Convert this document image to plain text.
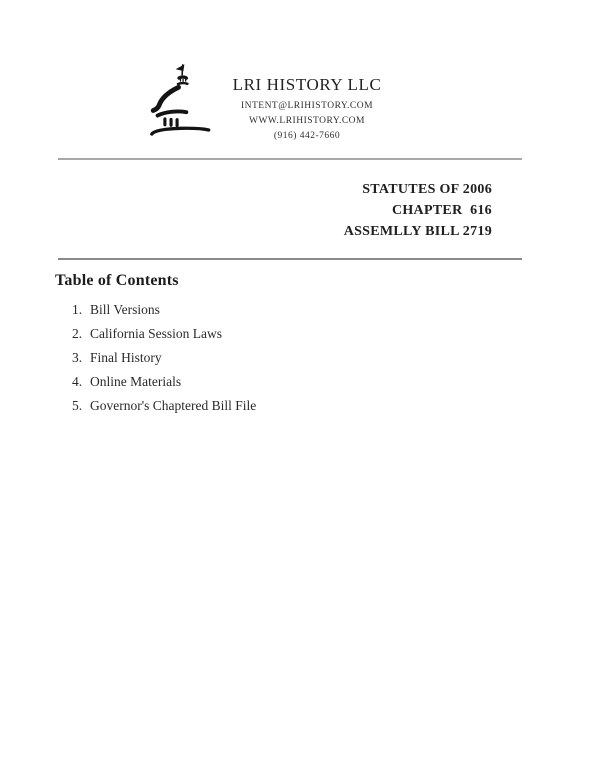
LRI HISTORY LLC
INTENT@LRIHISTORY.COM
WWW.LRIHISTORY.COM
(916) 442-7660
STATUTES OF 2006
CHAPTER  616
ASSEMLLY BILL 2719
Table of Contents
1. Bill Versions
2. California Session Laws
3. Final History
4. Online Materials
5. Governor's Chaptered Bill File
